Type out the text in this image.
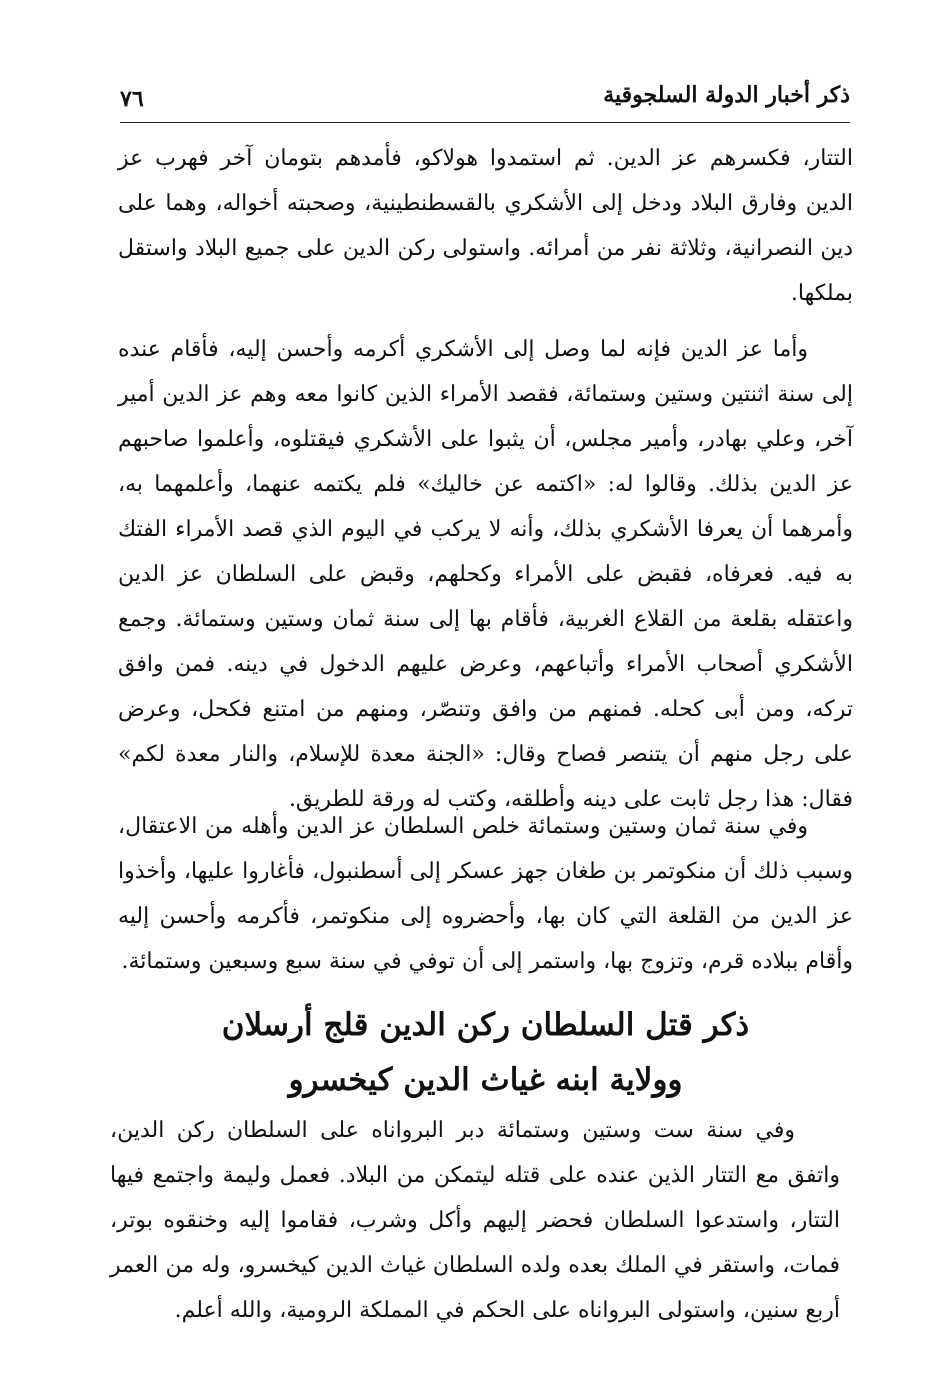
ذكر أخبار الدولة السلجوقية
٧٦
التتار، فكسرهم عز الدين. ثم استمدوا هولاكو، فأمدهم بتومان آخر فهرب عز الدين وفارق البلاد ودخل إلى الأشكري بالقسطنطينية، وصحبته أخواله، وهما على دين النصرانية، وثلاثة نفر من أمرائه. واستولى ركن الدين على جميع البلاد واستقل بملكها.
وأما عز الدين فإنه لما وصل إلى الأشكري أكرمه وأحسن إليه، فأقام عنده إلى سنة اثنتين وستين وستمائة، فقصد الأمراء الذين كانوا معه وهم عز الدين أمير آخر، وعلي بهادر، وأمير مجلس، أن يثبوا على الأشكري فيقتلوه، وأعلموا صاحبهم عز الدين بذلك. وقالوا له: «اكتمه عن خاليك» فلم يكتمه عنهما، وأعلمهما به، وأمرهما أن يعرفا الأشكري بذلك، وأنه لا يركب في اليوم الذي قصد الأمراء الفتك به فيه. فعرفاه، فقبض على الأمراء وكحلهم، وقبض على السلطان عز الدين واعتقله بقلعة من القلاع الغربية، فأقام بها إلى سنة ثمان وستين وستمائة. وجمع الأشكري أصحاب الأمراء وأتباعهم، وعرض عليهم الدخول في دينه. فمن وافق تركه، ومن أبى كحله. فمنهم من وافق وتنصّر، ومنهم من امتنع فكحل، وعرض على رجل منهم أن يتنصر فصاح وقال: «الجنة معدة للإسلام، والنار معدة لكم» فقال: هذا رجل ثابت على دينه وأطلقه، وكتب له ورقة للطريق.
وفي سنة ثمان وستين وستمائة خلص السلطان عز الدين وأهله من الاعتقال، وسبب ذلك أن منكوتمر بن طغان جهز عسكر إلى أسطنبول، فأغاروا عليها، وأخذوا عز الدين من القلعة التي كان بها، وأحضروه إلى منكوتمر، فأكرمه وأحسن إليه وأقام ببلاده قرم، وتزوج بها، واستمر إلى أن توفي في سنة سبع وسبعين وستمائة.
ذكر قتل السلطان ركن الدين قلج أرسلان
وولاية ابنه غياث الدين كيخسرو
وفي سنة ست وستين وستمائة دبر البرواناه على السلطان ركن الدين، واتفق مع التتار الذين عنده على قتله ليتمكن من البلاد. فعمل وليمة واجتمع فيها التتار، واستدعوا السلطان فحضر إليهم وأكل وشرب، فقاموا إليه وخنقوه بوتر، فمات، واستقر في الملك بعده ولده السلطان غياث الدين كيخسرو، وله من العمر أربع سنين، واستولى البرواناه على الحكم في المملكة الرومية، والله أعلم.
